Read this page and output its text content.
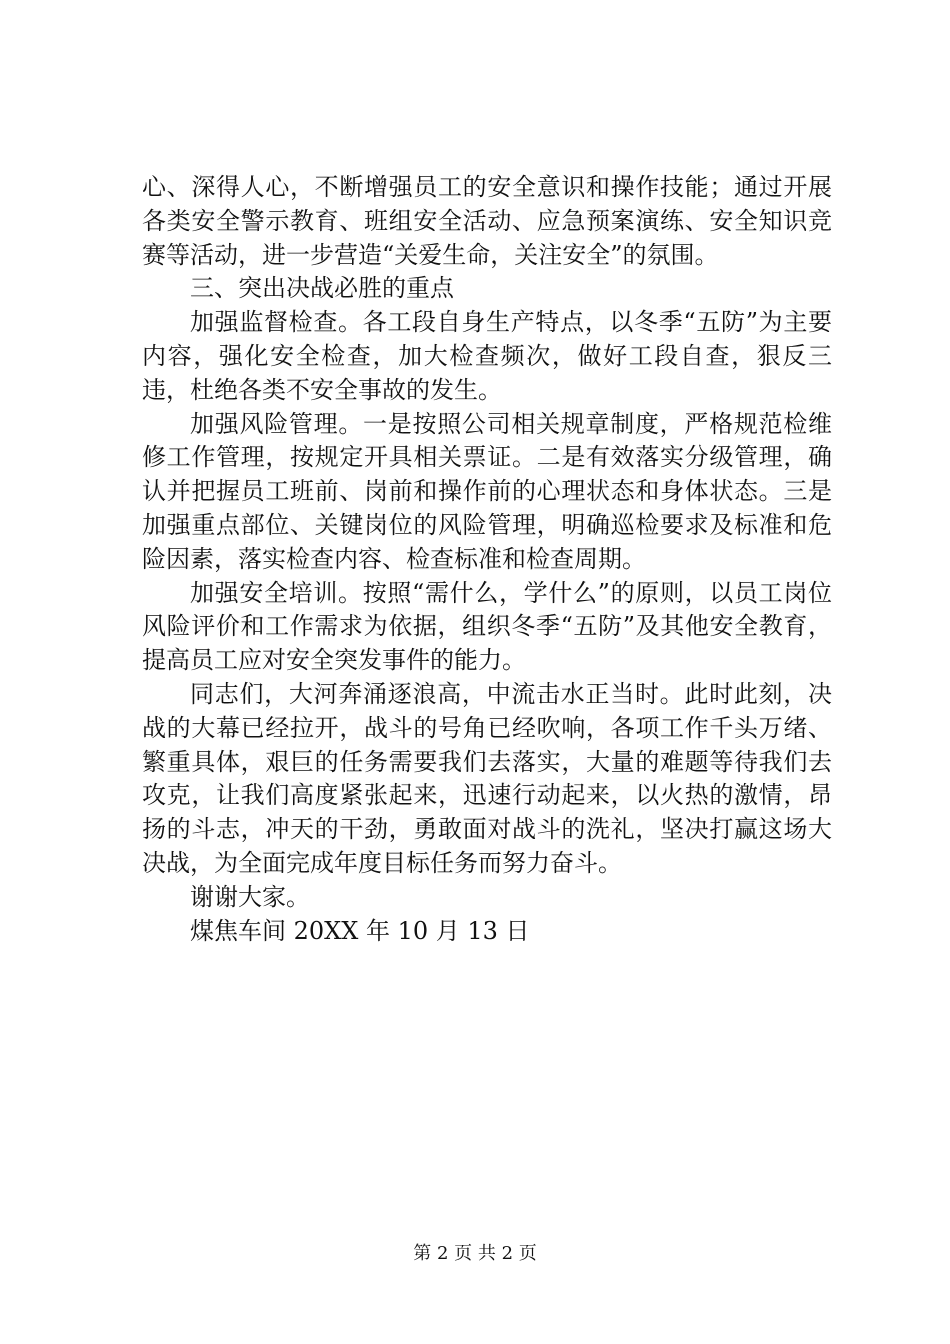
心、深得人心，不断增强员工的安全意识和操作技能；通过开展各类安全警示教育、班组安全活动、应急预案演练、安全知识竞赛等活动，进一步营造“关爱生命，关注安全”的氛围。

三、突出决战必胜的重点

加强监督检查。各工段自身生产特点，以冬季“五防”为主要内容，强化安全检查，加大检查频次，做好工段自查，狠反三违，杜绝各类不安全事故的发生。

加强风险管理。一是按照公司相关规章制度，严格规范检维修工作管理，按规定开具相关票证。二是有效落实分级管理，确认并把握员工班前、岗前和操作前的心理状态和身体状态。三是加强重点部位、关键岗位的风险管理，明确巡检要求及标准和危险因素，落实检查内容、检查标准和检查周期。

加强安全培训。按照“需什么，学什么”的原则，以员工岗位风险评价和工作需求为依据，组织冬季“五防”及其他安全教育，提高员工应对安全突发事件的能力。

同志们，大河奔涌逐浪高，中流击水正当时。此时此刻，决战的大幕已经拉开，战斗的号角已经吹响，各项工作千头万绪、繁重具体，艰巨的任务需要我们去落实，大量的难题等待我们去攻克，让我们高度紧张起来，迅速行动起来，以火热的激情，昂扬的斗志，冲天的干劲，勇敢面对战斗的洗礼，坚决打赢这场大决战，为全面完成年度目标任务而努力奋斗。

谢谢大家。

煤焦车间 20XX 年 10 月 13 日

第 2 页 共 2 页
